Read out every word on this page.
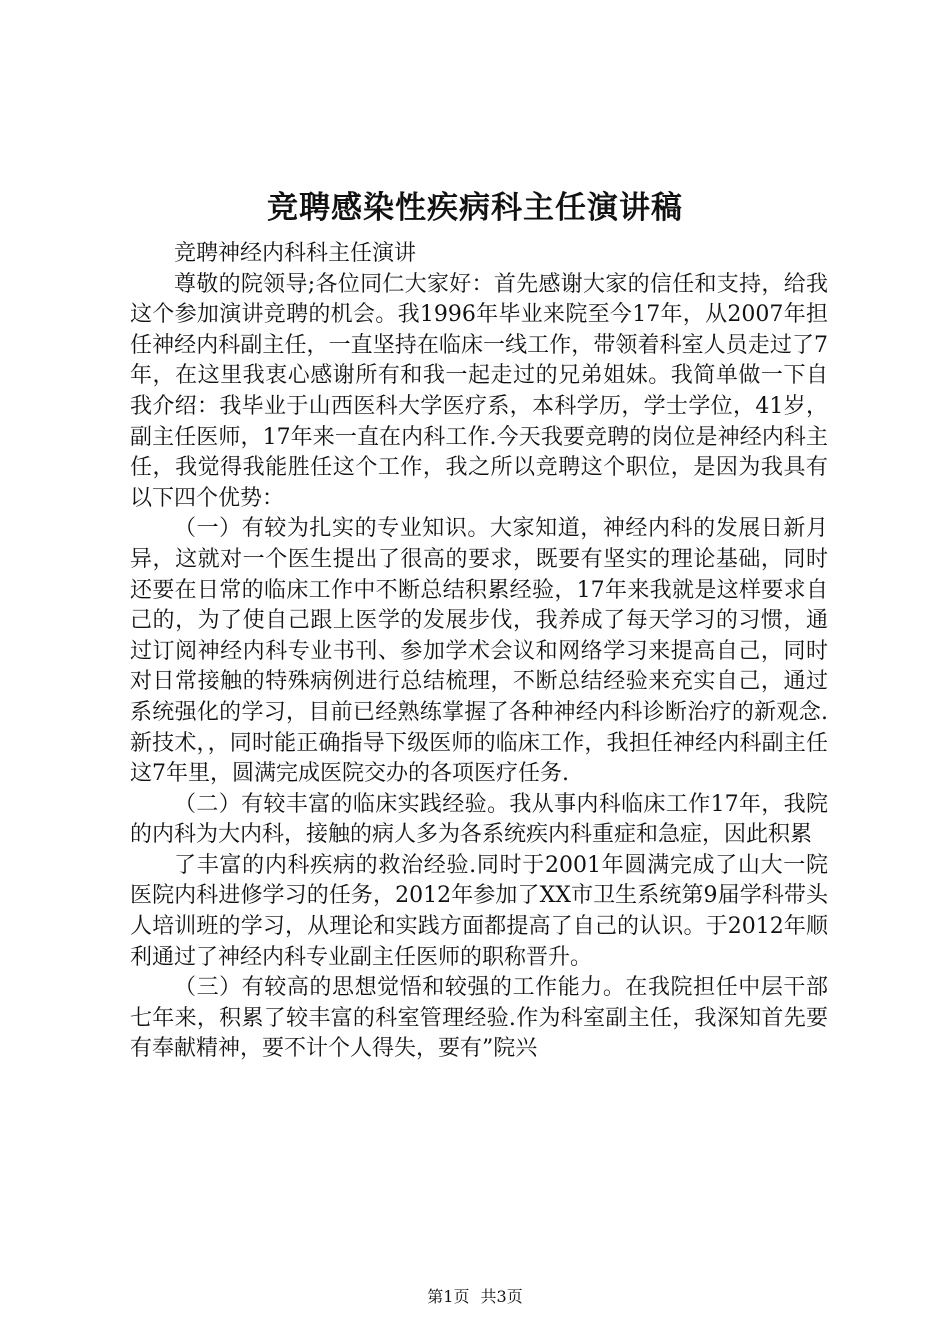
竞聘感染性疾病科主任演讲稿

竞聘神经内科科主任演讲

尊敬的院领导;各位同仁大家好：首先感谢大家的信任和支持，给我这个参加演讲竞聘的机会。我1996年毕业来院至今17年，从2007年担任神经内科副主任，一直坚持在临床一线工作，带领着科室人员走过了7年，在这里我衷心感谢所有和我一起走过的兄弟姐妹。我简单做一下自我介绍：我毕业于山西医科大学医疗系，本科学历，学士学位，41岁，副主任医师，17年来一直在内科工作.今天我要竞聘的岗位是神经内科主任，我觉得我能胜任这个工作，我之所以竞聘这个职位，是因为我具有以下四个优势：

（一）有较为扎实的专业知识。大家知道，神经内科的发展日新月异，这就对一个医生提出了很高的要求，既要有坚实的理论基础，同时还要在日常的临床工作中不断总结积累经验，17年来我就是这样要求自己的，为了使自己跟上医学的发展步伐，我养成了每天学习的习惯，通过订阅神经内科专业书刊、参加学术会议和网络学习来提高自己，同时对日常接触的特殊病例进行总结梳理，不断总结经验来充实自己，通过系统强化的学习，目前已经熟练掌握了各种神经内科诊断治疗的新观念.新技术，，同时能正确指导下级医师的临床工作，我担任神经内科副主任这7年里，圆满完成医院交办的各项医疗任务.

（二）有较丰富的临床实践经验。我从事内科临床工作17年，我院的内科为大内科，接触的病人多为各系统疾内科重症和急症，因此积累

了丰富的内科疾病的救治经验.同时于2001年圆满完成了山大一院医院内科进修学习的任务，2012年参加了XX市卫生系统第9届学科带头人培训班的学习，从理论和实践方面都提高了自己的认识。于2012年顺利通过了神经内科专业副主任医师的职称晋升。

（三）有较高的思想觉悟和较强的工作能力。在我院担任中层干部七年来，积累了较丰富的科室管理经验.作为科室副主任，我深知首先要有奉献精神，要不计个人得失，要有”院兴

第1页 共3页
